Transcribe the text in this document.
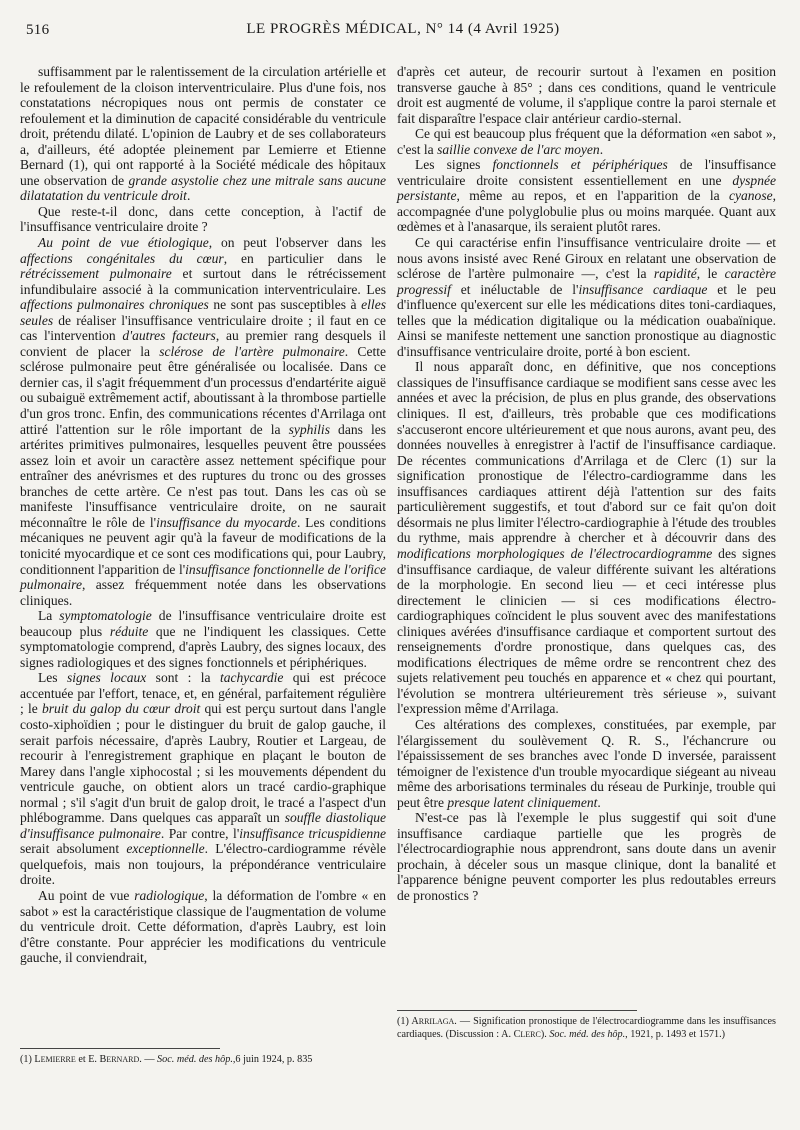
516	LE PROGRÈS MÉDICAL, N° 14 (4 Avril 1925)

suffisamment par le ralentissement de la circulation artérielle et le refoulement de la cloison interventriculaire. Plus d'une fois, nos constatations nécropiques nous ont permis de constater ce refoulement et la diminution de capacité considérable du ventricule droit, prétendu dilaté. L'opinion de Laubry et de ses collaborateurs a, d'ailleurs, été adoptée pleinement par Lemierre et Etienne Bernard (1), qui ont rapporté à la Société médicale des hôpitaux une observation de grande asystolie chez une mitrale sans aucune dilatatation du ventricule droit.

Que reste-t-il donc, dans cette conception, à l'actif de l'insuffisance ventriculaire droite ?

Au point de vue étiologique, on peut l'observer dans les affections congénitales du cœur, en particulier dans le rétrécissement pulmonaire et surtout dans le rétrécissement infundibulaire associé à la communication interventriculaire. Les affections pulmonaires chroniques ne sont pas susceptibles à elles seules de réaliser l'insuffisance ventriculaire droite ; il faut en ce cas l'intervention d'autres facteurs, au premier rang desquels il convient de placer la sclérose de l'artère pulmonaire. Cette sclérose pulmonaire peut être généralisée ou localisée. Dans ce dernier cas, il s'agit fréquemment d'un processus d'endartérite aiguë ou subaiguë extrêmement actif, aboutissant à la thrombose partielle d'un gros tronc. Enfin, des communications récentes d'Arrilaga ont attiré l'attention sur le rôle important de la syphilis dans les artérites primitives pulmonaires, lesquelles peuvent être poussées assez loin et avoir un caractère assez nettement spécifique pour entraîner des anévrismes et des ruptures du tronc ou des grosses branches de cette artère. Ce n'est pas tout. Dans les cas où se manifeste l'insuffisance ventriculaire droite, on ne saurait méconnaître le rôle de l'insuffisance du myocarde. Les conditions mécaniques ne peuvent agir qu'à la faveur de modifications de la tonicité myocardique et ce sont ces modifications qui, pour Laubry, conditionnent l'apparition de l'insuffisance fonctionnelle de l'orifice pulmonaire, assez fréquemment notée dans les observations cliniques.

La symptomatologie de l'insuffisance ventriculaire droite est beaucoup plus réduite que ne l'indiquent les classiques. Cette symptomatologie comprend, d'après Laubry, des signes locaux, des signes radiologiques et des signes fonctionnels et périphériques.

Les signes locaux sont : la tachycardie qui est précoce accentuée par l'effort, tenace, et, en général, parfaitement régulière ; le bruit du galop du cœur droit qui est perçu surtout dans l'angle costo-xiphoïdien ; pour le distinguer du bruit de galop gauche, il serait parfois nécessaire, d'après Laubry, Routier et Largeau, de recourir à l'enregistrement graphique en plaçant le bouton de Marey dans l'angle xiphocostal ; si les mouvements dépendent du ventricule gauche, on obtient alors un tracé cardio-graphique normal ; s'il s'agit d'un bruit de galop droit, le tracé a l'aspect d'un phlébogramme. Dans quelques cas apparaît un souffle diastolique d'insuffisance pulmonaire. Par contre, l'insuffisance tricuspidienne serait absolument exceptionnelle. L'électro-cardiogramme révèle quelquefois, mais non toujours, la prépondérance ventriculaire droite.

Au point de vue radiologique, la déformation de l'ombre « en sabot » est la caractéristique classique de l'augmentation de volume du ventricule droit. Cette déformation, d'après Laubry, est loin d'être constante. Pour apprécier les modifications du ventricule gauche, il conviendrait,

d'après cet auteur, de recourir surtout à l'examen en position transverse gauche à 85° ; dans ces conditions, quand le ventricule droit est augmenté de volume, il s'applique contre la paroi sternale et fait disparaître l'espace clair antérieur cardio-sternal.

Ce qui est beaucoup plus fréquent que la déformation «en sabot », c'est la saillie convexe de l'arc moyen.

Les signes fonctionnels et périphériques de l'insuffisance ventriculaire droite consistent essentiellement en une dyspnée persistante, même au repos, et en l'apparition de la cyanose, accompagnée d'une polyglobulie plus ou moins marquée. Quant aux œdèmes et à l'anasarque, ils seraient plutôt rares.

Ce qui caractérise enfin l'insuffisance ventriculaire droite — et nous avons insisté avec René Giroux en relatant une observation de sclérose de l'artère pulmonaire —, c'est la rapidité, le caractère progressif et inéluctable de l'insuffisance cardiaque et le peu d'influence qu'exercent sur elle les médications dites toni-cardiaques, telles que la médication digitalique ou la médication ouabaïnique. Ainsi se manifeste nettement une sanction pronostique au diagnostic d'insuffisance ventriculaire droite, porté à bon escient.

Il nous apparaît donc, en définitive, que nos conceptions classiques de l'insuffisance cardiaque se modifient sans cesse avec les années et avec la précision, de plus en plus grande, des observations cliniques. Il est, d'ailleurs, très probable que ces modifications s'accuseront encore ultérieurement et que nous aurons, avant peu, des données nouvelles à enregistrer à l'actif de l'insuffisance cardiaque. De récentes communications d'Arrilaga et de Clerc (1) sur la signification pronostique de l'électro-cardiogramme dans les insuffisances cardiaques attirent déjà l'attention sur des faits particulièrement suggestifs, et tout d'abord sur ce fait qu'on doit désormais ne plus limiter l'électro-cardiographie à l'étude des troubles du rythme, mais apprendre à chercher et à découvrir dans des modifications morphologiques de l'électrocardiogramme des signes d'insuffisance cardiaque, de valeur différente suivant les altérations de la morphologie. En second lieu — et ceci intéresse plus directement le clinicien — si ces modifications électro-cardiographiques coïncident le plus souvent avec des manifestations cliniques avérées d'insuffisance cardiaque et comportent surtout des renseignements d'ordre pronostique, dans quelques cas, des modifications électriques de même ordre se rencontrent chez des sujets relativement peu touchés en apparence et « chez qui pourtant, l'évolution se montrera ultérieurement très sérieuse », suivant l'expression même d'Arrilaga.

Ces altérations des complexes, constituées, par exemple, par l'élargissement du soulèvement Q. R. S., l'échancrure ou l'épaississement de ses branches avec l'onde D inversée, paraissent témoigner de l'existence d'un trouble myocardique siégeant au niveau même des arborisations terminales du réseau de Purkinje, trouble qui peut être presque latent cliniquement.

N'est-ce pas là l'exemple le plus suggestif qui soit d'une insuffisance cardiaque partielle que les progrès de l'électrocardiographie nous apprendront, sans doute dans un avenir prochain, à déceler sous un masque clinique, dont la banalité et l'apparence bénigne peuvent comporter les plus redoutables erreurs de pronostics ?

(1) ARRILAGA. — Signification pronostique de l'électrocardiogramme dans les insuffisances cardiaques. (Discussion : A. CLERC). Soc. méd. des hôp., 1921, p. 1493 et 1571.)
(1) LEMIERRE et E. BERNARD. — Soc. méd. des hôp.,6 juin 1924, p. 835
